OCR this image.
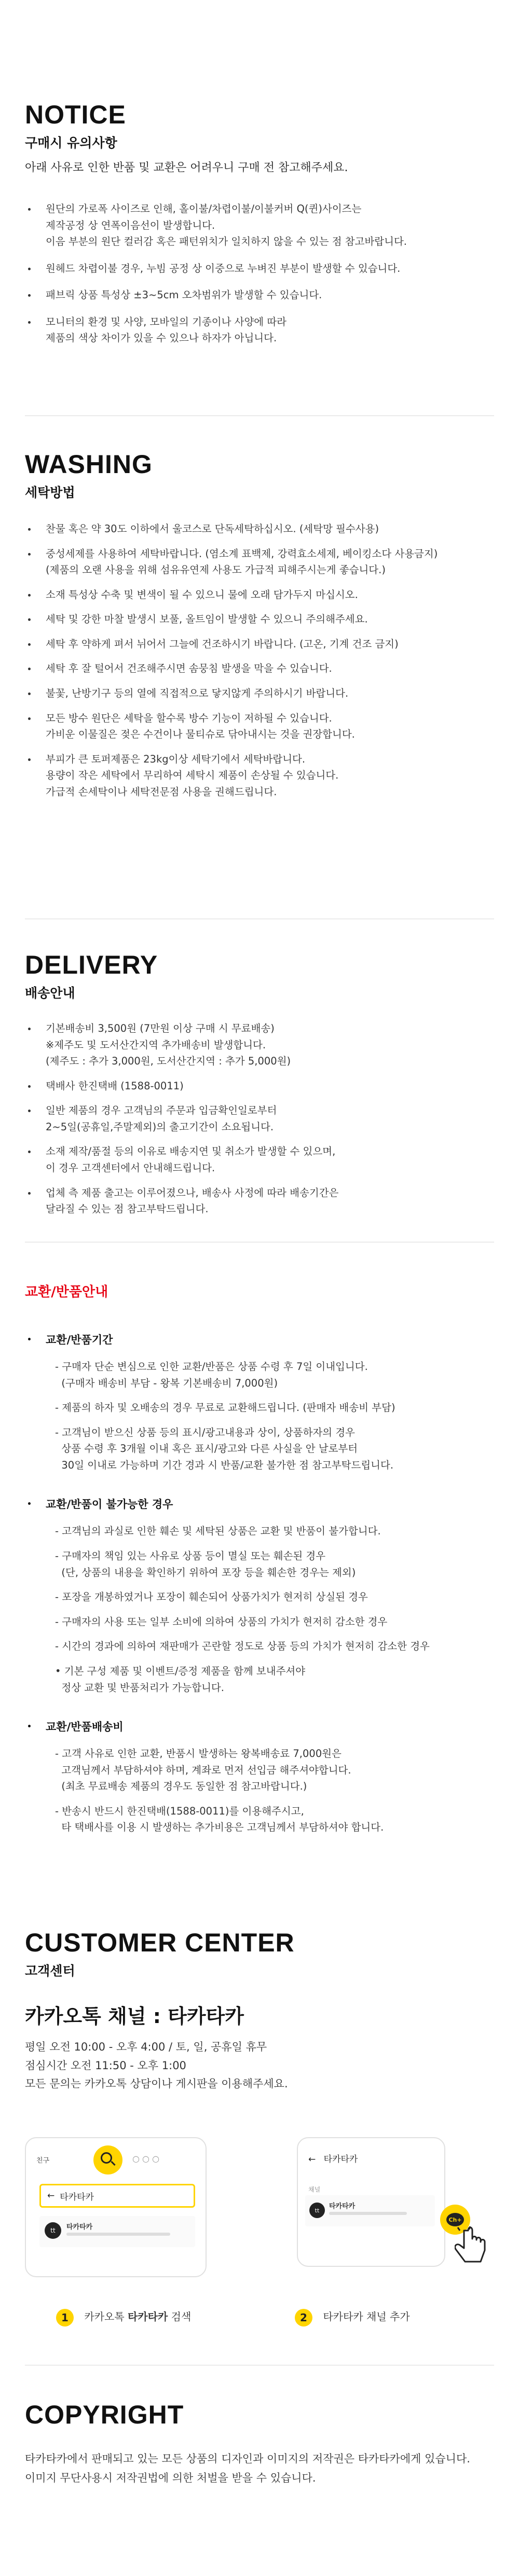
NOTICE
구매시 유의사항
아래 사유로 인한 반품 및 교환은 어려우니 구매 전 참고해주세요.
원단의 가로폭 사이즈로 인해, 홀이불/차렵이불/이불커버 Q(퀸)사이즈는
제작공정 상 연폭이음선이 발생합니다.
이음 부분의 원단 컬러감 혹은 패턴위치가 일치하지 않을 수 있는 점 참고바랍니다.
원헤드 차렵이불 경우, 누빔 공정 상 이중으로 누벼진 부분이 발생할 수 있습니다.
패브릭 상품 특성상 ±3~5cm 오차범위가 발생할 수 있습니다.
모니터의 환경 및 사양, 모바일의 기종이나 사양에 따라
제품의 색상 차이가 있을 수 있으나 하자가 아닙니다.
WASHING
세탁방법
찬물 혹은 약 30도 이하에서 울코스로 단독세탁하십시오. (세탁망 필수사용)
중성세제를 사용하여 세탁바랍니다. (염소계 표백제, 강력효소세제, 베이킹소다 사용금지)
(제품의 오랜 사용을 위해 섬유유연제 사용도 가급적 피해주시는게 좋습니다.)
소재 특성상 수축 및 변색이 될 수 있으니 물에 오래 담가두지 마십시오.
세탁 및 강한 마찰 발생시 보풀, 올트임이 발생할 수 있으니 주의해주세요.
세탁 후 약하게 펴서 뉘어서 그늘에 건조하시기 바랍니다. (고온, 기계 건조 금지)
세탁 후 잘 털어서 건조해주시면 솜뭉침 발생을 막을 수 있습니다.
불꽃, 난방기구 등의 열에 직접적으로 닿지않게 주의하시기 바랍니다.
모든 방수 원단은 세탁을 할수록 방수 기능이 저하될 수 있습니다.
가비운 이물질은 젖은 수건이나 물티슈로 닦아내시는 것을 권장합니다.
부피가 큰 토퍼제품은 23kg이상 세탁기에서 세탁바랍니다.
용량이 작은 세탁에서 무리하여 세탁시 제품이 손상될 수 있습니다.
가급적 손세탁이나 세탁전문점 사용을 권해드립니다.
DELIVERY
배송안내
기본배송비 3,500원 (7만원 이상 구매 시 무료배송)
※제주도 및 도서산간지역 추가배송비 발생합니다.
(제주도 : 추가 3,000원, 도서산간지역 : 추가 5,000원)
택배사 한진택배 (1588-0011)
일반 제품의 경우 고객님의 주문과 입금확인일로부터
2~5일(공휴일,주말제외)의 출고기간이 소요됩니다.
소재 제작/품절 등의 이유로 배송지연 및 취소가 발생할 수 있으며,
이 경우 고객센터에서 안내해드립니다.
업체 측 제품 출고는 이루어졌으나, 배송사 사정에 따라 배송기간은
달라질 수 있는 점 참고부탁드립니다.
교환/반품안내
교환/반품기간
- 구매자 단순 변심으로 인한 교환/반품은 상품 수령 후 7일 이내입니다.
(구매자 배송비 부담 - 왕복 기본배송비 7,000원)
- 제품의 하자 및 오배송의 경우 무료로 교환해드립니다. (판매자 배송비 부담)
- 고객님이 받으신 상품 등의 표시/광고내용과 상이, 상품하자의 경우
상품 수령 후 3개월 이내 혹은 표시/광고와 다른 사실을 안 날로부터
30일 이내로 가능하며 기간 경과 시 반품/교환 불가한 점 참고부탁드립니다.
교환/반품이 불가능한 경우
- 고객님의 과실로 인한 훼손 및 세탁된 상품은 교환 및 반품이 불가합니다.
- 구매자의 책임 있는 사유로 상품 등이 멸실 또는 훼손된 경우
(단, 상품의 내용을 확인하기 위하여 포장 등을 훼손한 경우는 제외)
- 포장을 개봉하였거나 포장이 훼손되어 상품가치가 현저히 상실된 경우
- 구매자의 사용 또는 일부 소비에 의하여 상품의 가치가 현저히 감소한 경우
- 시간의 경과에 의하여 재판매가 곤란할 정도로 상품 등의 가치가 현저히 감소한 경우
• 기본 구성 제품 및 이벤트/증정 제품을 함께 보내주셔야
정상 교환 및 반품처리가 가능합니다.
교환/반품배송비
- 고객 사유로 인한 교환, 반품시 발생하는 왕복배송료 7,000원은
고객님께서 부담하셔야 하며, 계좌로 먼저 선입금 해주셔야합니다.
(최초 무료배송 제품의 경우도 동일한 점 참고바랍니다.)
- 반송시 반드시 한진택배(1588-0011)를 이용해주시고,
타 택배사를 이용 시 발생하는 추가비용은 고객님께서 부담하셔야 합니다.
CUSTOMER CENTER
고객센터
카카오톡 채널 : 타카타카
평일 오전 10:00 - 오후 4:00 / 토, 일, 공휴일 휴무
점심시간 오전 11:50 - 오후 1:00
모든 문의는 카카오톡 상담이나 게시판을 이용해주세요.
친구	○ ○ ○
← 타카타카
tt	타카타카
← 타카타카
채널
tt	타카타카
Ch+
1 카카오톡 타카타카 검색	2 타카타카 채널 추가
COPYRIGHT
타카타카에서 판매되고 있는 모든 상품의 디자인과 이미지의 저작권은 타카타카에게 있습니다.
이미지 무단사용시 저작권법에 의한 처벌을 받을 수 있습니다.
